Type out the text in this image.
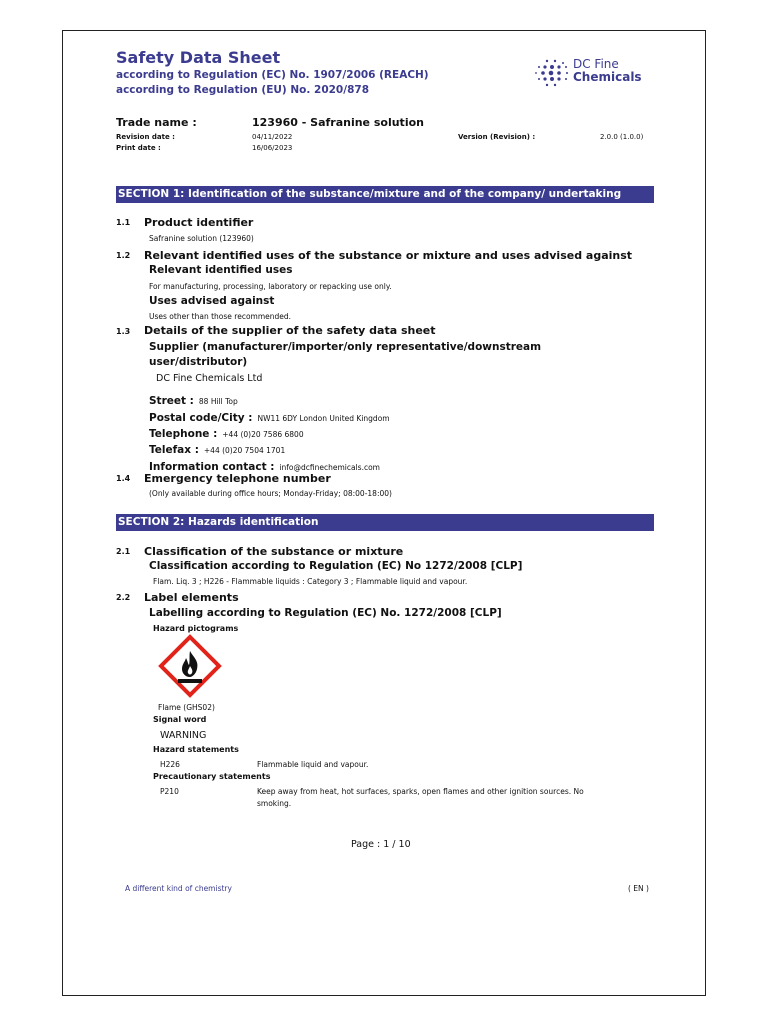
Safety Data Sheet
according to Regulation (EC) No. 1907/2006 (REACH)
according to Regulation (EU) No. 2020/878
DC Fine
Chemicals
Trade name :	123960 - Safranine solution
Revision date :	04/11/2022
Print date :	16/06/2023
Version (Revision) :	2.0.0 (1.0.0)
SECTION 1: Identification of the substance/mixture and of the company/ undertaking
1.1 Product identifier
Safranine solution (123960)
1.2 Relevant identified uses of the substance or mixture and uses advised against
Relevant identified uses
For manufacturing, processing, laboratory or repacking use only.
Uses advised against
Uses other than those recommended.
1.3 Details of the supplier of the safety data sheet
Supplier (manufacturer/importer/only representative/downstream
user/distributor)
DC Fine Chemicals Ltd
Street : 88 Hill Top
Postal code/City : NW11 6DY London United Kingdom
Telephone : +44 (0)20 7586 6800
Telefax : +44 (0)20 7504 1701
Information contact : info@dcfinechemicals.com
1.4 Emergency telephone number
(Only available during office hours; Monday-Friday; 08:00-18:00)
SECTION 2: Hazards identification
2.1 Classification of the substance or mixture
Classification according to Regulation (EC) No 1272/2008 [CLP]
Flam. Liq. 3 ; H226 - Flammable liquids : Category 3 ; Flammable liquid and vapour.
2.2 Label elements
Labelling according to Regulation (EC) No. 1272/2008 [CLP]
Hazard pictograms
Flame (GHS02)
Signal word
WARNING
Hazard statements
H226	Flammable liquid and vapour.
Precautionary statements
P210	Keep away from heat, hot surfaces, sparks, open flames and other ignition sources. No
smoking.
Page : 1 / 10
A different kind of chemistry	( EN )
